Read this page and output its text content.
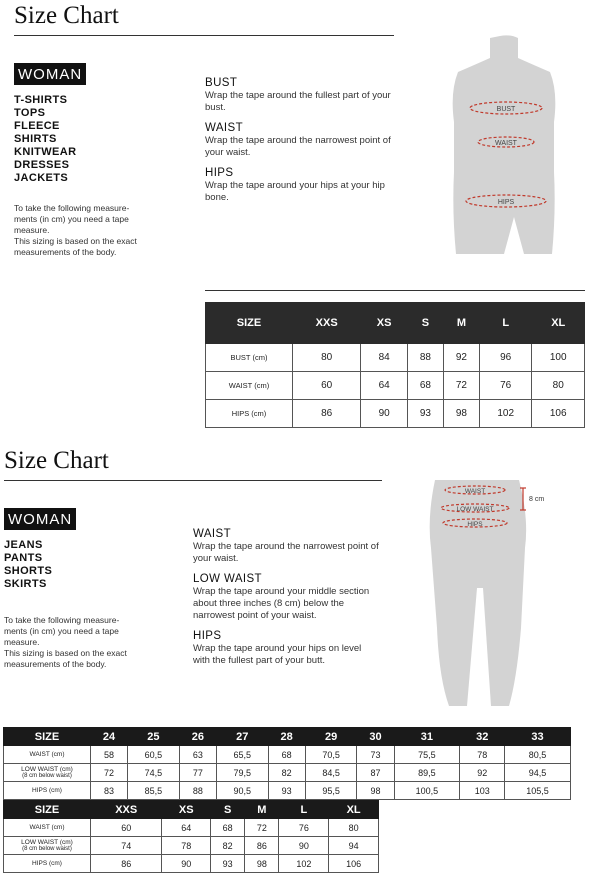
Size Chart
WOMAN
T-SHIRTS
TOPS
FLEECE
SHIRTS
KNITWEAR
DRESSES
JACKETS
To take the following measure-
ments (in cm) you need a tape
measure.
This sizing is based on the exact
measurements of the body.
BUST
Wrap the tape around the fullest part of your
bust.
WAIST
Wrap the tape around the narrowest point of
your waist.
HIPS
Wrap the tape around your hips at your hip
bone.
BUST
WAIST
HIPS
SIZE	XXS	XS	S	M	L	XL
BUST (cm)	80	84	88	92	96	100
WAIST (cm)	60	64	68	72	76	80
HIPS (cm)	86	90	93	98	102	106
Size Chart
WOMAN
JEANS
PANTS
SHORTS
SKIRTS
To take the following measure-
ments (in cm) you need a tape
measure.
This sizing is based on the exact
measurements of the body.
WAIST
Wrap the tape around the narrowest point of
your waist.
LOW WAIST
Wrap the tape around your middle section
about three inches (8 cm) below the
narrowest point of your waist.
HIPS
Wrap the tape around your hips on level
with the fullest part of your butt.
WAIST
LOW WAIST
HIPS
8 cm
SIZE	24	25	26	27	28	29	30	31	32	33
WAIST (cm)	58	60,5	63	65,5	68	70,5	73	75,5	78	80,5

LOW WAIST (cm)
(8 cm below waist)	72	74,5	77	79,5	82	84,5	87	89,5	92	94,5
HIPS (cm)	83	85,5	88	90,5	93	95,5	98	100,5	103	105,5
SIZE	XXS	XS	S	M	L	XL
WAIST (cm)	60	64	68	72	76	80

LOW WAIST (cm)
(8 cm below waist)	74	78	82	86	90	94
HIPS (cm)	86	90	93	98	102	106
